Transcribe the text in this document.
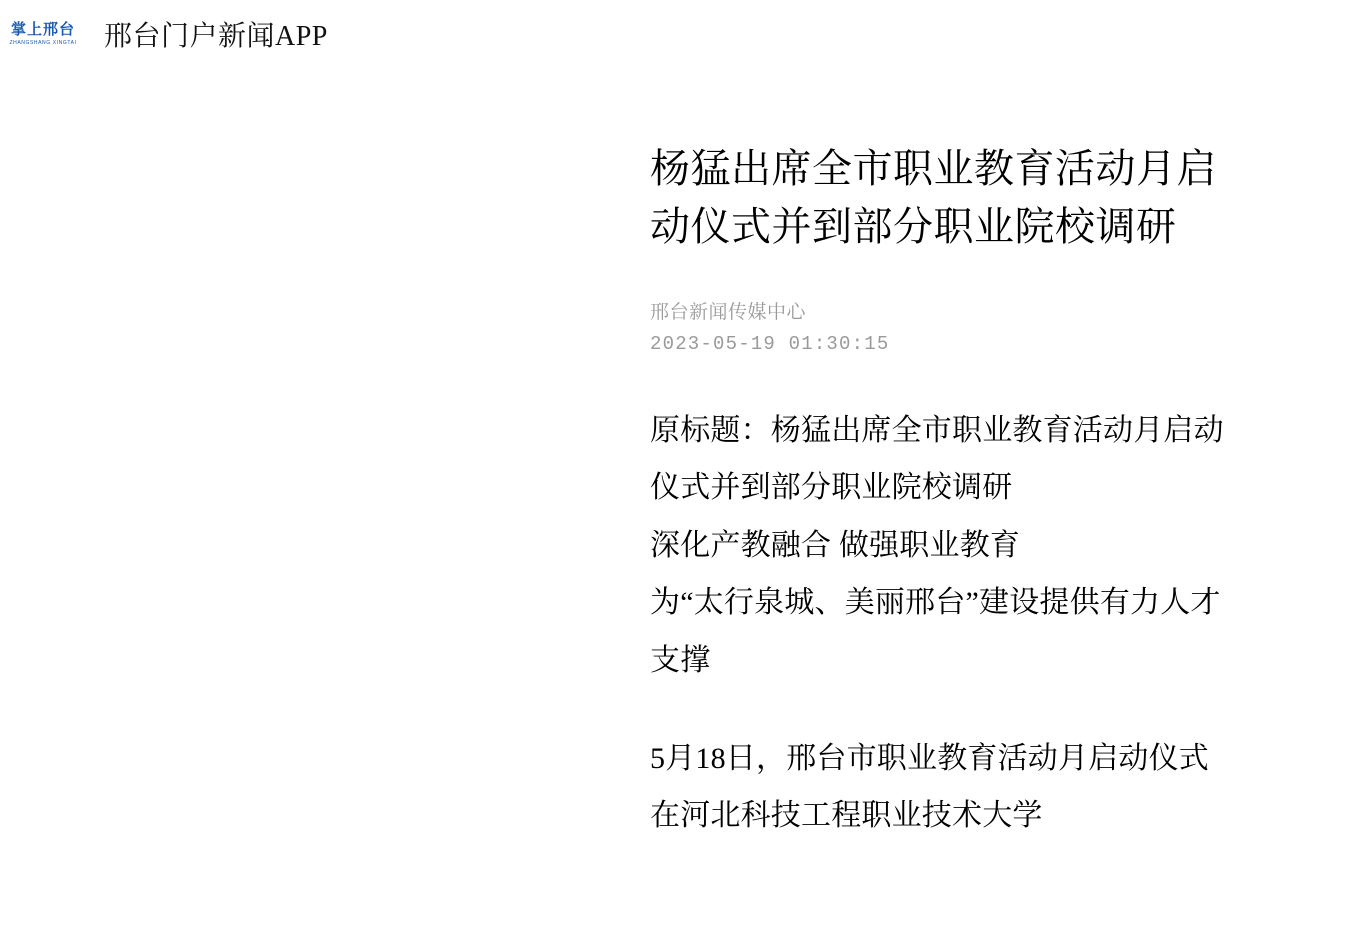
掌上邢台
ZHANGSHANG XINGTAI 邢台门户新闻APP
杨猛出席全市职业教育活动月启动仪式并到部分职业院校调研
邢台新闻传媒中心
2023-05-19 01:30:15

原标题：杨猛出席全市职业教育活动月启动仪式并到部分职业院校调研

深化产教融合 做强职业教育

为“太行泉城、美丽邢台”建设提供有力人才支撑

5月18日，邢台市职业教育活动月启动仪式在河北科技工程职业技术大学
